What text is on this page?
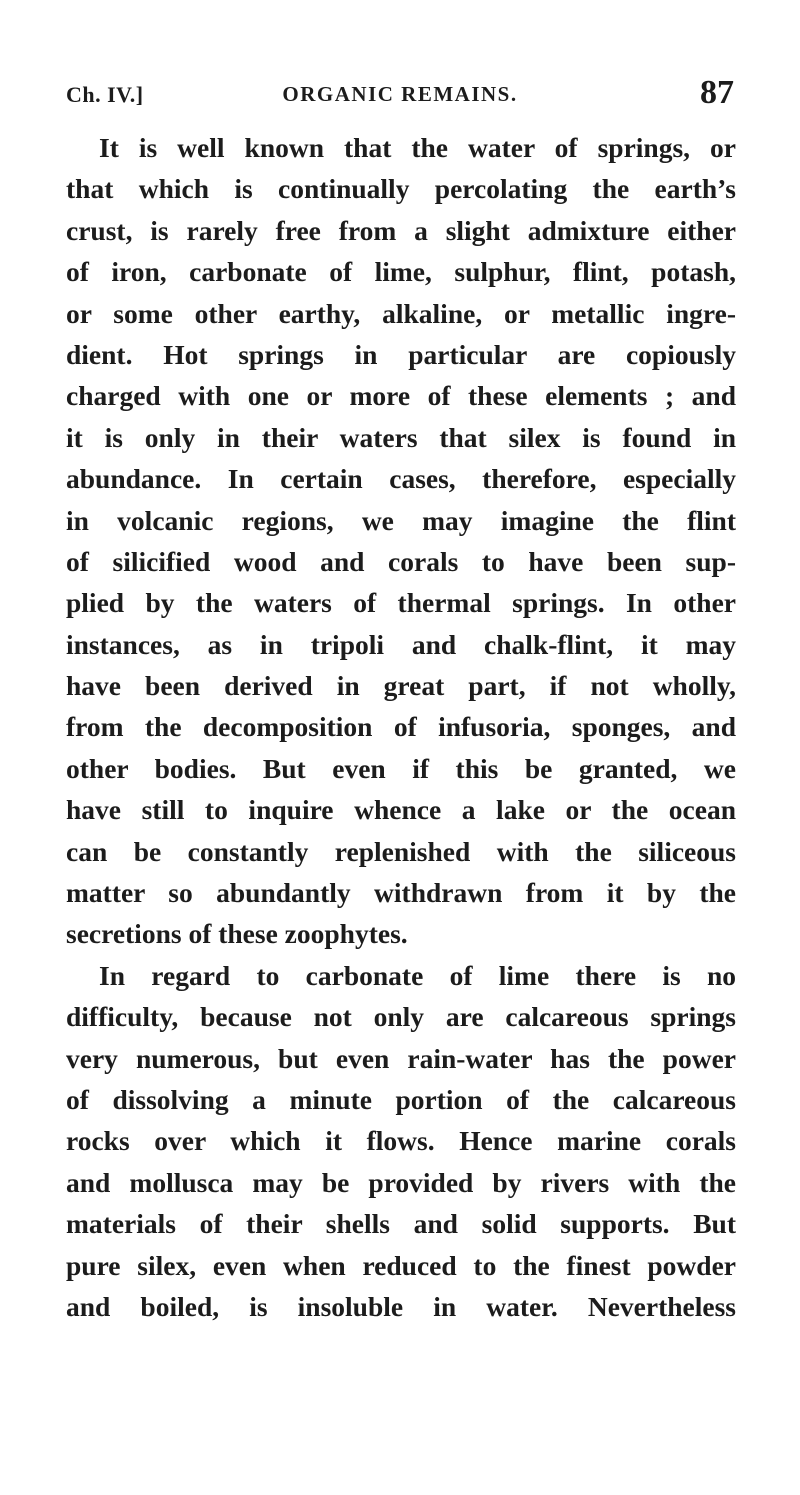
Ch. IV.]	ORGANIC REMAINS.	87
It is well known that the water of springs, or
that which is continually percolating the earth’s
crust, is rarely free from a slight admixture either
of iron, carbonate of lime, sulphur, flint, potash,
or some other earthy, alkaline, or metallic ingre-
dient. Hot springs in particular are copiously
charged with one or more of these elements ; and
it is only in their waters that silex is found in
abundance. In certain cases, therefore, especially
in volcanic regions, we may imagine the flint
of silicified wood and corals to have been sup-
plied by the waters of thermal springs. In other
instances, as in tripoli and chalk-flint, it may
have been derived in great part, if not wholly,
from the decomposition of infusoria, sponges, and
other bodies. But even if this be granted, we
have still to inquire whence a lake or the ocean
can be constantly replenished with the siliceous
matter so abundantly withdrawn from it by the
secretions of these zoophytes.
In regard to carbonate of lime there is no
difficulty, because not only are calcareous springs
very numerous, but even rain-water has the power
of dissolving a minute portion of the calcareous
rocks over which it flows. Hence marine corals
and mollusca may be provided by rivers with the
materials of their shells and solid supports. But
pure silex, even when reduced to the finest powder
and boiled, is insoluble in water. Nevertheless
